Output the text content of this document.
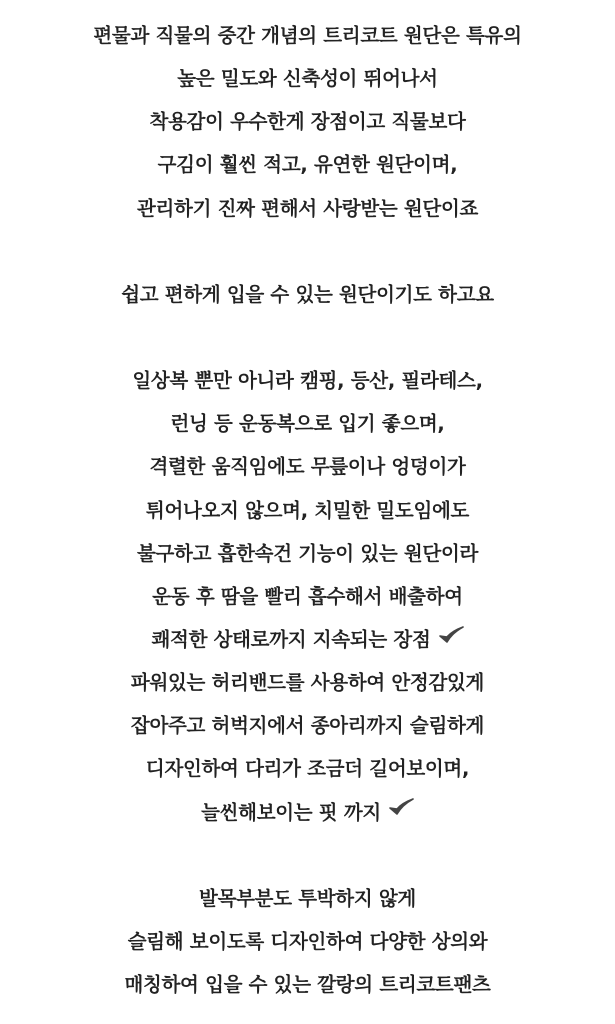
편물과 직물의 중간 개념의 트리코트 원단은 특유의
높은 밀도와 신축성이 뛰어나서
착용감이 우수한게 장점이고 직물보다
구김이 훨씬 적고, 유연한 원단이며,
관리하기 진짜 편해서 사랑받는 원단이죠
쉽고 편하게 입을 수 있는 원단이기도 하고요
일상복 뿐만 아니라 캠핑, 등산, 필라테스,
런닝 등 운동복으로 입기 좋으며,
격렬한 움직임에도 무릎이나 엉덩이가
튀어나오지 않으며, 치밀한 밀도임에도
불구하고 흡한속건 기능이 있는 원단이라
운동 후 땀을 빨리 흡수해서 배출하여
쾌적한 상태로까지 지속되는 장점
파워있는 허리밴드를 사용하여 안정감있게
잡아주고 허벅지에서 종아리까지 슬림하게
디자인하여 다리가 조금더 길어보이며,
늘씬해보이는 핏 까지
발목부분도 투박하지 않게
슬림해 보이도록 디자인하여 다양한 상의와
매칭하여 입을 수 있는 깔랑의 트리코트팬츠
